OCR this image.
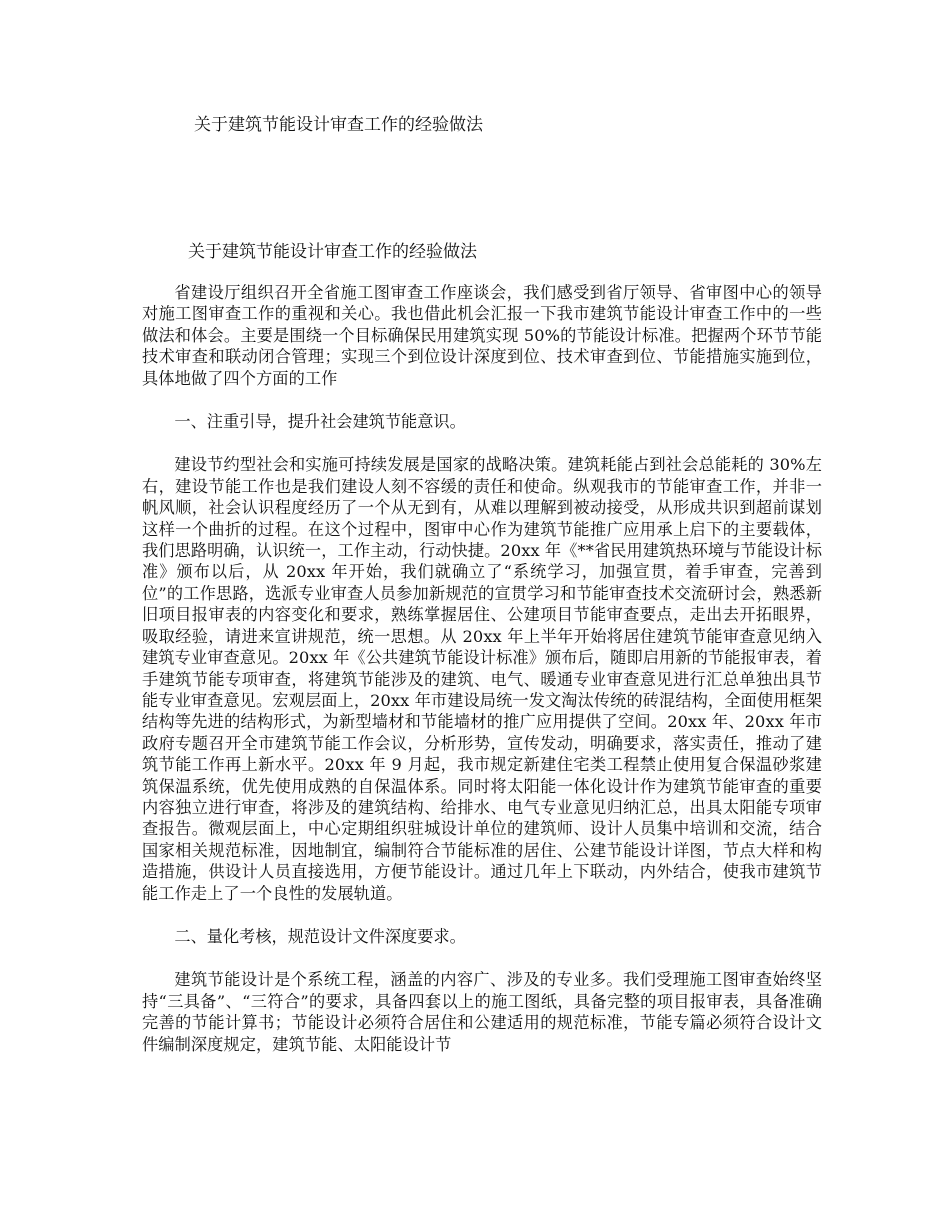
关于建筑节能设计审查工作的经验做法
关于建筑节能设计审查工作的经验做法

省建设厅组织召开全省施工图审查工作座谈会，我们感受到省厅领导、省审图中心的领导对施工图审查工作的重视和关心。我也借此机会汇报一下我市建筑节能设计审查工作中的一些做法和体会。主要是围绕一个目标确保民用建筑实现 50%的节能设计标准。把握两个环节节能技术审查和联动闭合管理；实现三个到位设计深度到位、技术审查到位、节能措施实施到位，具体地做了四个方面的工作

一、注重引导，提升社会建筑节能意识。

建设节约型社会和实施可持续发展是国家的战略决策。建筑耗能占到社会总能耗的 30%左右，建设节能工作也是我们建设人刻不容缓的责任和使命。纵观我市的节能审查工作，并非一帆风顺，社会认识程度经历了一个从无到有，从难以理解到被动接受，从形成共识到超前谋划这样一个曲折的过程。在这个过程中，图审中心作为建筑节能推广应用承上启下的主要载体，我们思路明确，认识统一，工作主动，行动快捷。20xx 年《**省民用建筑热环境与节能设计标准》颁布以后，从 20xx 年开始，我们就确立了“系统学习，加强宣贯，着手审查，完善到位”的工作思路，选派专业审查人员参加新规范的宣贯学习和节能审查技术交流研讨会，熟悉新旧项目报审表的内容变化和要求，熟练掌握居住、公建项目节能审查要点，走出去开拓眼界，吸取经验，请进来宣讲规范，统一思想。从 20xx 年上半年开始将居住建筑节能审查意见纳入建筑专业审查意见。20xx 年《公共建筑节能设计标准》颁布后，随即启用新的节能报审表，着手建筑节能专项审查，将建筑节能涉及的建筑、电气、暖通专业审查意见进行汇总单独出具节能专业审查意见。宏观层面上，20xx 年市建设局统一发文淘汰传统的砖混结构，全面使用框架结构等先进的结构形式，为新型墙材和节能墙材的推广应用提供了空间。20xx 年、20xx 年市政府专题召开全市建筑节能工作会议，分析形势，宣传发动，明确要求，落实责任，推动了建筑节能工作再上新水平。20xx 年 9 月起，我市规定新建住宅类工程禁止使用复合保温砂浆建筑保温系统，优先使用成熟的自保温体系。同时将太阳能一体化设计作为建筑节能审查的重要内容独立进行审查，将涉及的建筑结构、给排水、电气专业意见归纳汇总，出具太阳能专项审查报告。微观层面上，中心定期组织驻城设计单位的建筑师、设计人员集中培训和交流，结合国家相关规范标准，因地制宜，编制符合节能标准的居住、公建节能设计详图，节点大样和构造措施，供设计人员直接选用，方便节能设计。通过几年上下联动，内外结合，使我市建筑节能工作走上了一个良性的发展轨道。

二、量化考核，规范设计文件深度要求。

建筑节能设计是个系统工程，涵盖的内容广、涉及的专业多。我们受理施工图审查始终坚持“三具备”、“三符合”的要求，具备四套以上的施工图纸，具备完整的项目报审表，具备准确完善的节能计算书；节能设计必须符合居住和公建适用的规范标准，节能专篇必须符合设计文件编制深度规定，建筑节能、太阳能设计节
